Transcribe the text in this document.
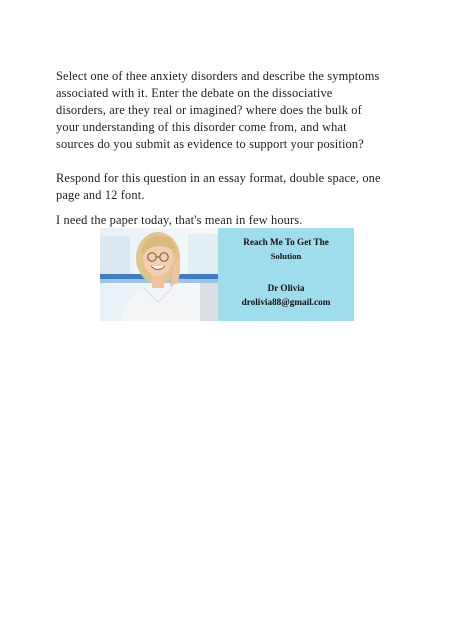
Select one of thee anxiety disorders and describe the symptoms
associated with it. Enter the debate on the dissociative
disorders, are they real or imagined? where does the bulk of
your understanding of this disorder come from, and what
sources do you submit as evidence to support your position?

Respond for this question in an essay format, double space, one
page and 12 font.

I need the paper today, that's mean in few hours.

Reach Me To Get The
Solution
Dr Olivia
drolivia88@gmail.com
